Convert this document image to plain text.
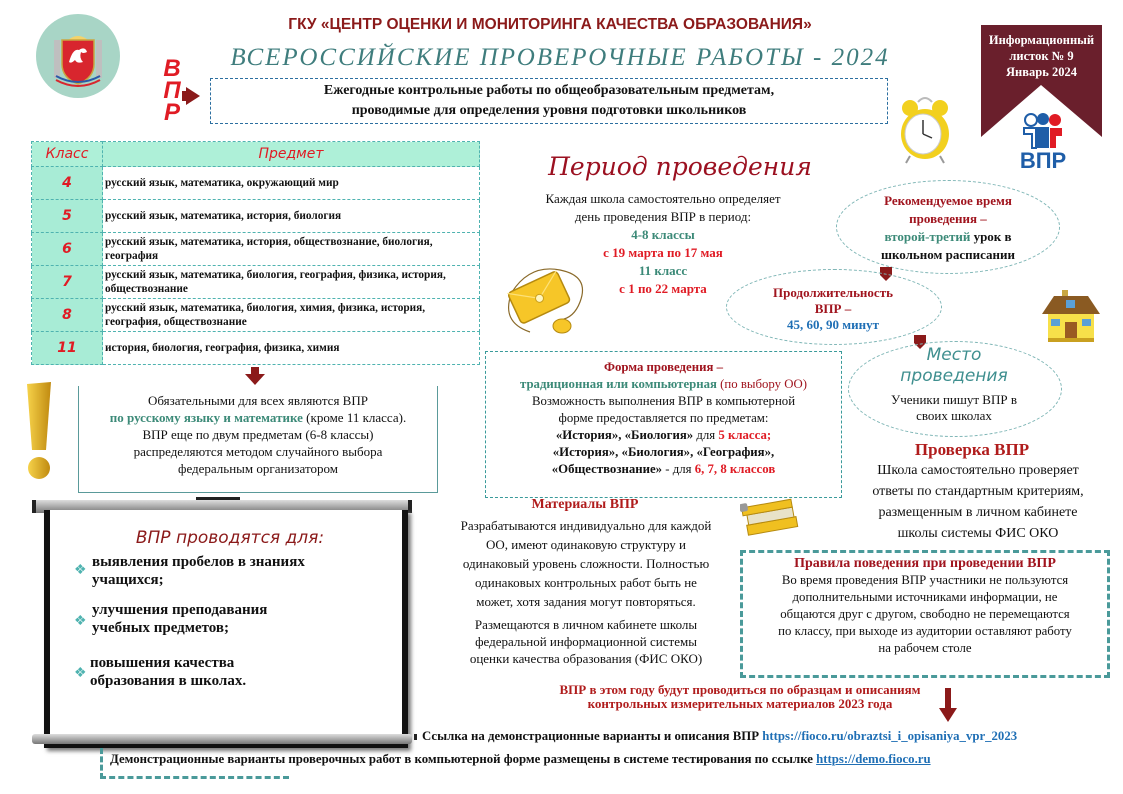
ГКУ «ЦЕНТР ОЦЕНКИ И МОНИТОРИНГА КАЧЕСТВА ОБРАЗОВАНИЯ»
ВСЕРОССИЙСКИЕ ПРОВЕРОЧНЫЕ РАБОТЫ - 2024
В
П
Р
Ежегодные контрольные работы по общеобразовательным предметам,
проводимые для определения уровня подготовки школьников
Информационный
листок № 9
Январь 2024
ВПР
Класс	Предмет
4	русский язык, математика, окружающий мир
5	русский язык, математика, история, биология
6	русский язык, математика, история, обществознание, биология, география
7	русский язык, математика, биология, география, физика, история, обществознание
8	русский язык, математика, биология, химия, физика, история, география, обществознание
11	история, биология, география, физика, химия
Обязательными для всех являются ВПР
по русскому языку и математике (кроме 11 класса).
ВПР еще по двум предметам (6-8 классы)
распределяются методом случайного выбора
федеральным организатором
ВПР проводятся для:
❖
выявления пробелов в знаниях
учащихся;
❖
улучшения преподавания
учебных предметов;
❖
повышения качества
образования в школах.
Период проведения
Каждая школа самостоятельно определяет
день проведения ВПР в период:
4-8 классы
с 19 марта по 17 мая
11 класс
с 1 по 22 марта
Рекомендуемое время
проведения –
второй-третий урок в
школьном расписании
Продолжительность
ВПР –
45, 60, 90 минут
Место
проведения
Ученики пишут ВПР в
своих школах
Форма проведения –
традиционная или компьютерная (по выбору ОО)
Возможность выполнения ВПР в компьютерной
форме предоставляется по предметам:
«История», «Биология» для 5 класса;
«История», «Биология», «География»,
«Обществознание» - для 6, 7, 8 классов
Проверка ВПР
Школа самостоятельно проверяет
ответы по стандартным критериям,
размещенным в личном кабинете
школы системы ФИС ОКО
Материалы ВПР
Разрабатываются индивидуально для каждой
ОО, имеют одинаковую структуру и
одинаковый уровень сложности. Полностью
одинаковых контрольных работ быть не
может, хотя задания могут повторяться.
Размещаются в личном кабинете школы
федеральной информационной системы
оценки качества образования (ФИС ОКО)
Правила поведения при проведении ВПР
Во время проведения ВПР участники не пользуются
дополнительными источниками информации, не
общаются друг с другом, свободно не перемещаются
по классу, при выходе из аудитории оставляют работу
на рабочем столе
ВПР в этом году будут проводиться по образцам и описаниям
контрольных измерительных материалов 2023 года
Ссылка на демонстрационные варианты и описания ВПР https://fioco.ru/obraztsi_i_opisaniya_vpr_2023
Демонстрационные варианты проверочных работ в компьютерной форме размещены в системе тестирования по ссылке https://demo.fioco.ru
